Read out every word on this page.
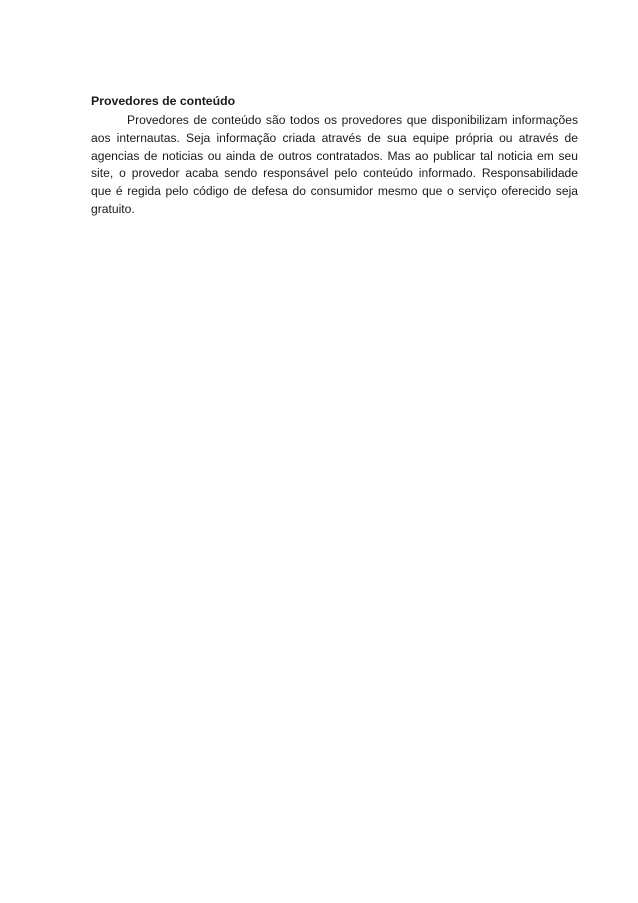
Provedores de conteúdo

Provedores de conteúdo são todos os provedores que disponibilizam informações aos internautas. Seja informação criada através de sua equipe própria ou através de agencias de noticias ou ainda de outros contratados. Mas ao publicar tal noticia em seu site, o provedor acaba sendo responsável pelo conteúdo informado. Responsabilidade que é regida pelo código de defesa do consumidor mesmo que o serviço oferecido seja gratuito.
